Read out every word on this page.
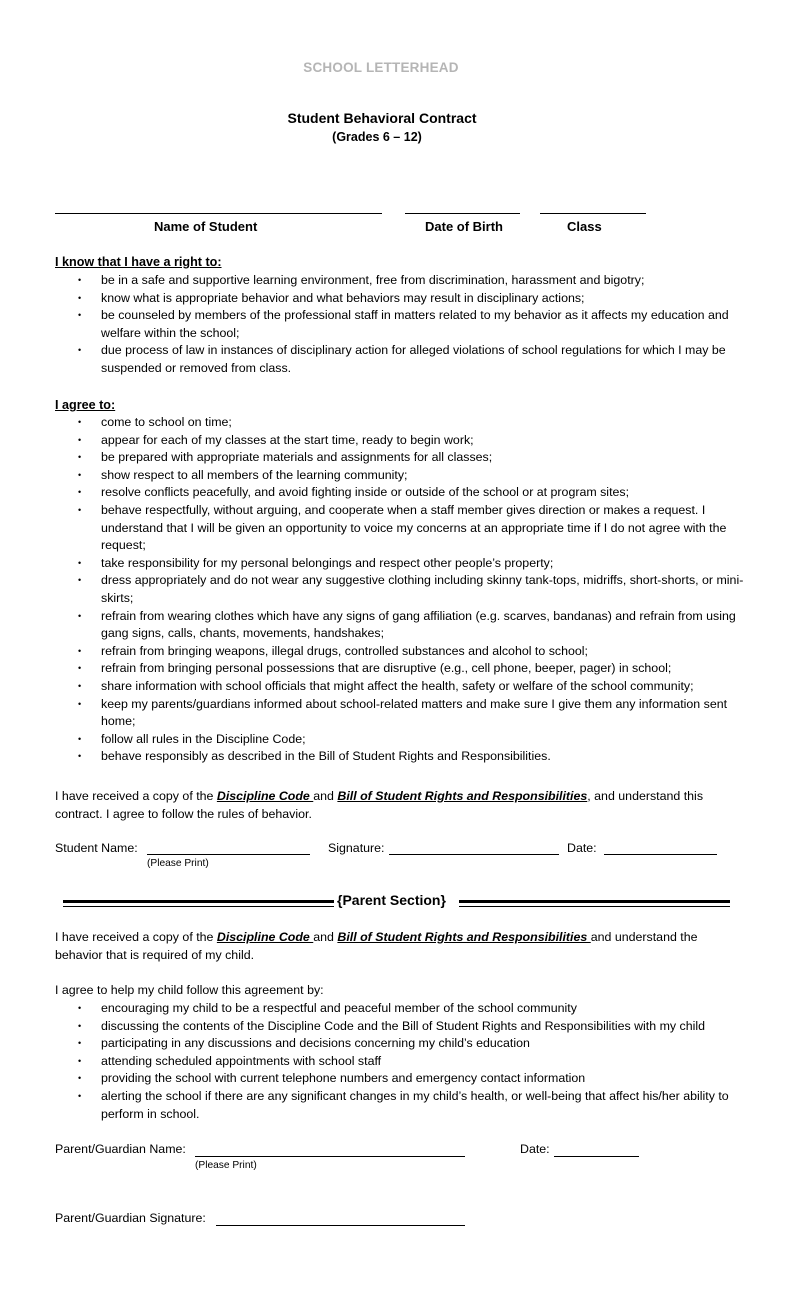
SCHOOL LETTERHEAD
Student Behavioral Contract
(Grades 6 – 12)
Name of Student	Date of Birth	Class
I know that I have a right to:
• be in a safe and supportive learning environment, free from discrimination, harassment and bigotry;
• know what is appropriate behavior and what behaviors may result in disciplinary actions;
• be counseled by members of the professional staff in matters related to my behavior as it affects my education and welfare within the school;
• due process of law in instances of disciplinary action for alleged violations of school regulations for which I may be suspended or removed from class.
I agree to:
• come to school on time;
• appear for each of my classes at the start time, ready to begin work;
• be prepared with appropriate materials and assignments for all classes;
• show respect to all members of the learning community;
• resolve conflicts peacefully, and avoid fighting inside or outside of the school or at program sites;
• behave respectfully, without arguing, and cooperate when a staff member gives direction or makes a request. I understand that I will be given an opportunity to voice my concerns at an appropriate time if I do not agree with the request;
• take responsibility for my personal belongings and respect other people’s property;
• dress appropriately and do not wear any suggestive clothing including skinny tank-tops, midriffs, short-shorts, or mini-skirts;
• refrain from wearing clothes which have any signs of gang affiliation (e.g. scarves, bandanas) and refrain from using gang signs, calls, chants, movements, handshakes;
• refrain from bringing weapons, illegal drugs, controlled substances and alcohol to school;
• refrain from bringing personal possessions that are disruptive (e.g., cell phone, beeper, pager) in school;
• share information with school officials that might affect the health, safety or welfare of the school community;
• keep my parents/guardians informed about school-related matters and make sure I give them any information sent home;
• follow all rules in the Discipline Code;
• behave responsibly as described in the Bill of Student Rights and Responsibilities.
I have received a copy of the Discipline Code and Bill of Student Rights and Responsibilities, and understand this contract. I agree to follow the rules of behavior.
Student Name:
(Please Print)
Signature:	Date:
{Parent Section}
I have received a copy of the Discipline Code and Bill of Student Rights and Responsibilities and understand the behavior that is required of my child.
I agree to help my child follow this agreement by:
• encouraging my child to be a respectful and peaceful member of the school community
• discussing the contents of the Discipline Code and the Bill of Student Rights and Responsibilities with my child
• participating in any discussions and decisions concerning my child’s education
• attending scheduled appointments with school staff
• providing the school with current telephone numbers and emergency contact information
• alerting the school if there are any significant changes in my child’s health, or well-being that affect his/her ability to perform in school.
Parent/Guardian Name:
(Please Print)
Date:
Parent/Guardian Signature:
